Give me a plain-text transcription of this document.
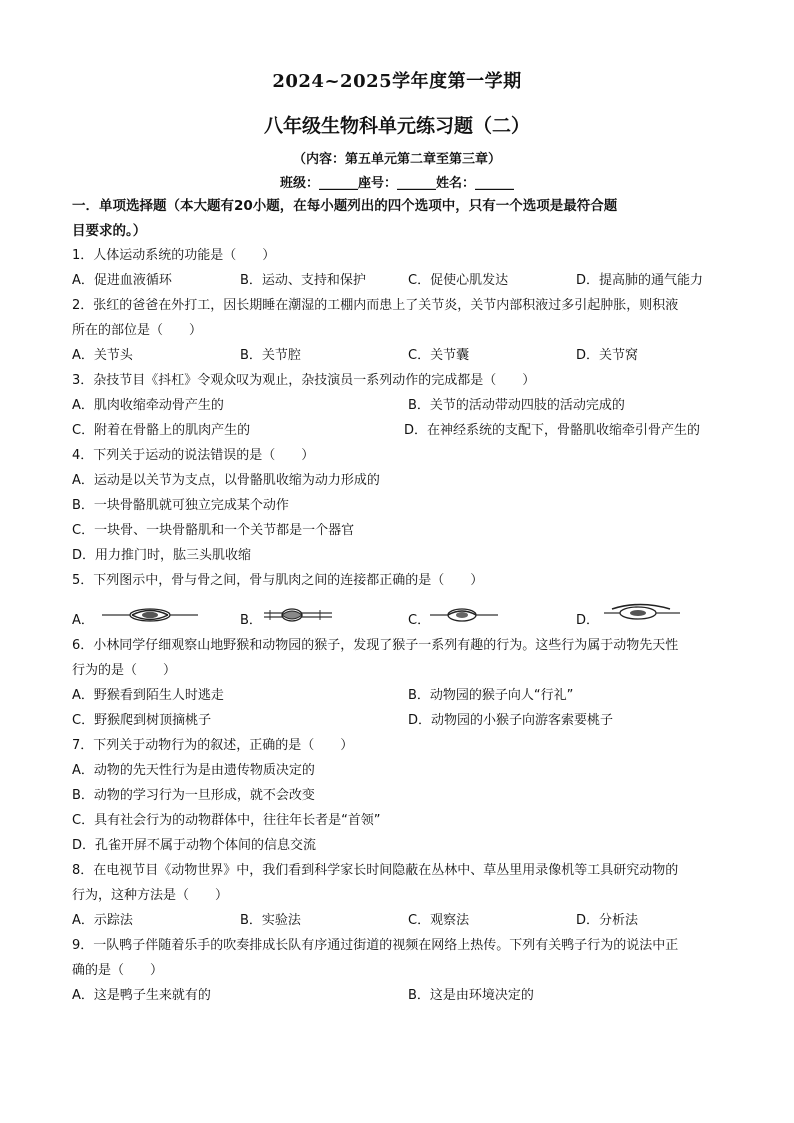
2024~2025学年度第一学期
八年级生物科单元练习题（二）
（内容：第五单元第二章至第三章）
班级：______座号：______姓名：______
一．单项选择题（本大题有20小题，在每小题列出的四个选项中，只有一个选项是最符合题
目要求的。）
1．人体运动系统的功能是（　　）
A．促进血液循环	B．运动、支持和保护	C．促使心肌发达	D．提高肺的通气能力
2．张红的爸爸在外打工，因长期睡在潮湿的工棚内而患上了关节炎，关节内部积液过多引起肿胀，则积液
所在的部位是（　　）
A．关节头	B．关节腔	C．关节囊	D．关节窝
3．杂技节目《抖杠》令观众叹为观止，杂技演员一系列动作的完成都是（　　）
A．肌肉收缩牵动骨产生的	B．关节的活动带动四肢的活动完成的
C．附着在骨骼上的肌肉产生的	D．在神经系统的支配下，骨骼肌收缩牵引骨产生的
4．下列关于运动的说法错误的是（　　）
A．运动是以关节为支点，以骨骼肌收缩为动力形成的
B．一块骨骼肌就可独立完成某个动作
C．一块骨、一块骨骼肌和一个关节都是一个器官
D．用力推门时，肱三头肌收缩
5．下列图示中，骨与骨之间，骨与肌肉之间的连接都正确的是（　　）
A．	B．	C．	D．
6．小林同学仔细观察山地野猴和动物园的猴子，发现了猴子一系列有趣的行为。这些行为属于动物先天性
行为的是（　　）
A．野猴看到陌生人时逃走	B．动物园的猴子向人“行礼”
C．野猴爬到树顶摘桃子	D．动物园的小猴子向游客索要桃子
7．下列关于动物行为的叙述，正确的是（　　）
A．动物的先天性行为是由遗传物质决定的
B．动物的学习行为一旦形成，就不会改变
C．具有社会行为的动物群体中，往往年长者是“首领”
D．孔雀开屏不属于动物个体间的信息交流
8．在电视节目《动物世界》中，我们看到科学家长时间隐蔽在丛林中、草丛里用录像机等工具研究动物的
行为，这种方法是（　　）
A．示踪法	B．实验法	C．观察法	D．分析法
9．一队鸭子伴随着乐手的吹奏排成长队有序通过街道的视频在网络上热传。下列有关鸭子行为的说法中正
确的是（　　）
A．这是鸭子生来就有的	B．这是由环境决定的
